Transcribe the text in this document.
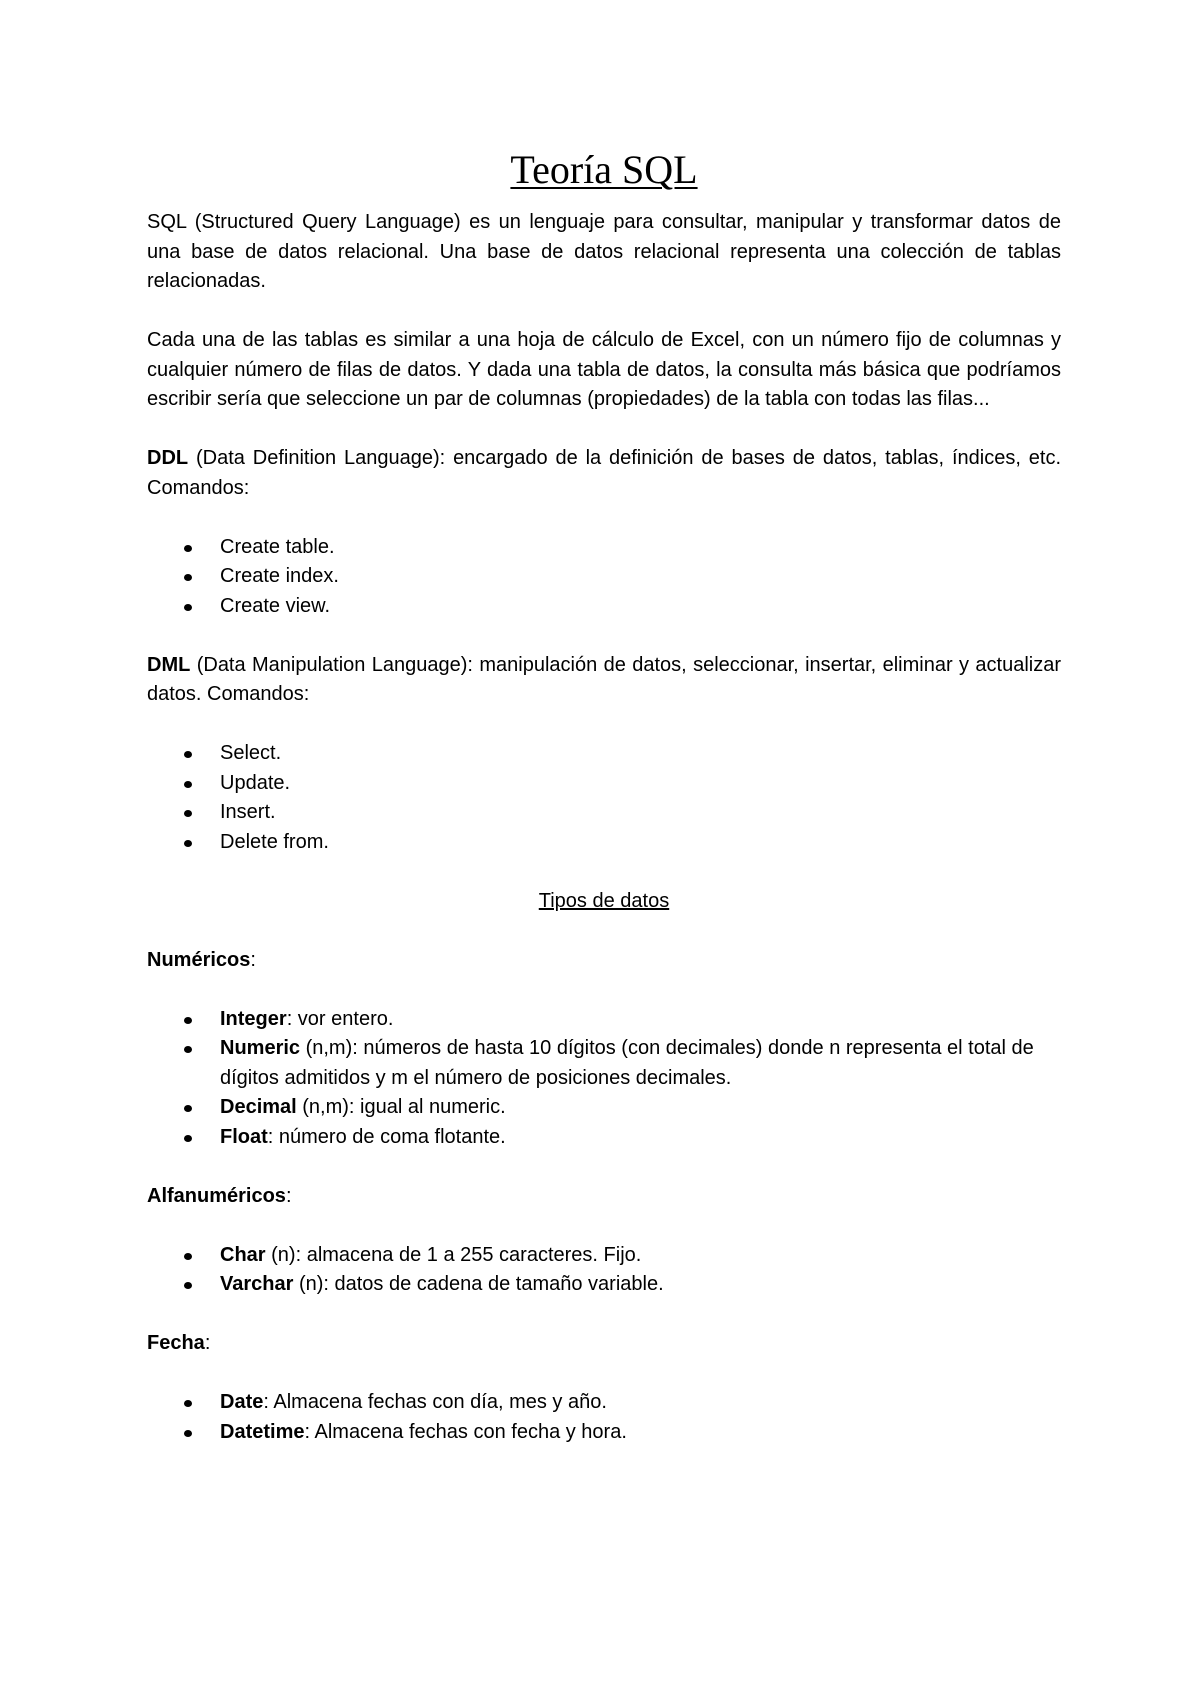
Teoría SQL

SQL (Structured Query Language) es un lenguaje para consultar, manipular y transformar datos de una base de datos relacional. Una base de datos relacional representa una colección de tablas relacionadas.

Cada una de las tablas es similar a una hoja de cálculo de Excel, con un número fijo de columnas y cualquier número de filas de datos. Y dada una tabla de datos, la consulta más básica que podríamos escribir sería que seleccione un par de columnas (propiedades) de la tabla con todas las filas...

DDL (Data Definition Language): encargado de la definición de bases de datos, tablas, índices, etc. Comandos:

Create table.
Create index.
Create view.

DML (Data Manipulation Language): manipulación de datos, seleccionar, insertar, eliminar y actualizar datos. Comandos:

Select.
Update.
Insert.
Delete from.

Tipos de datos

Numéricos:

Integer: vor entero.
Numeric (n,m): números de hasta 10 dígitos (con decimales) donde n representa el total de dígitos admitidos y m el número de posiciones decimales.
Decimal (n,m): igual al numeric.
Float: número de coma flotante.

Alfanuméricos:

Char (n): almacena de 1 a 255 caracteres. Fijo.
Varchar (n): datos de cadena de tamaño variable.

Fecha:

Date: Almacena fechas con día, mes y año.
Datetime: Almacena fechas con fecha y hora.
